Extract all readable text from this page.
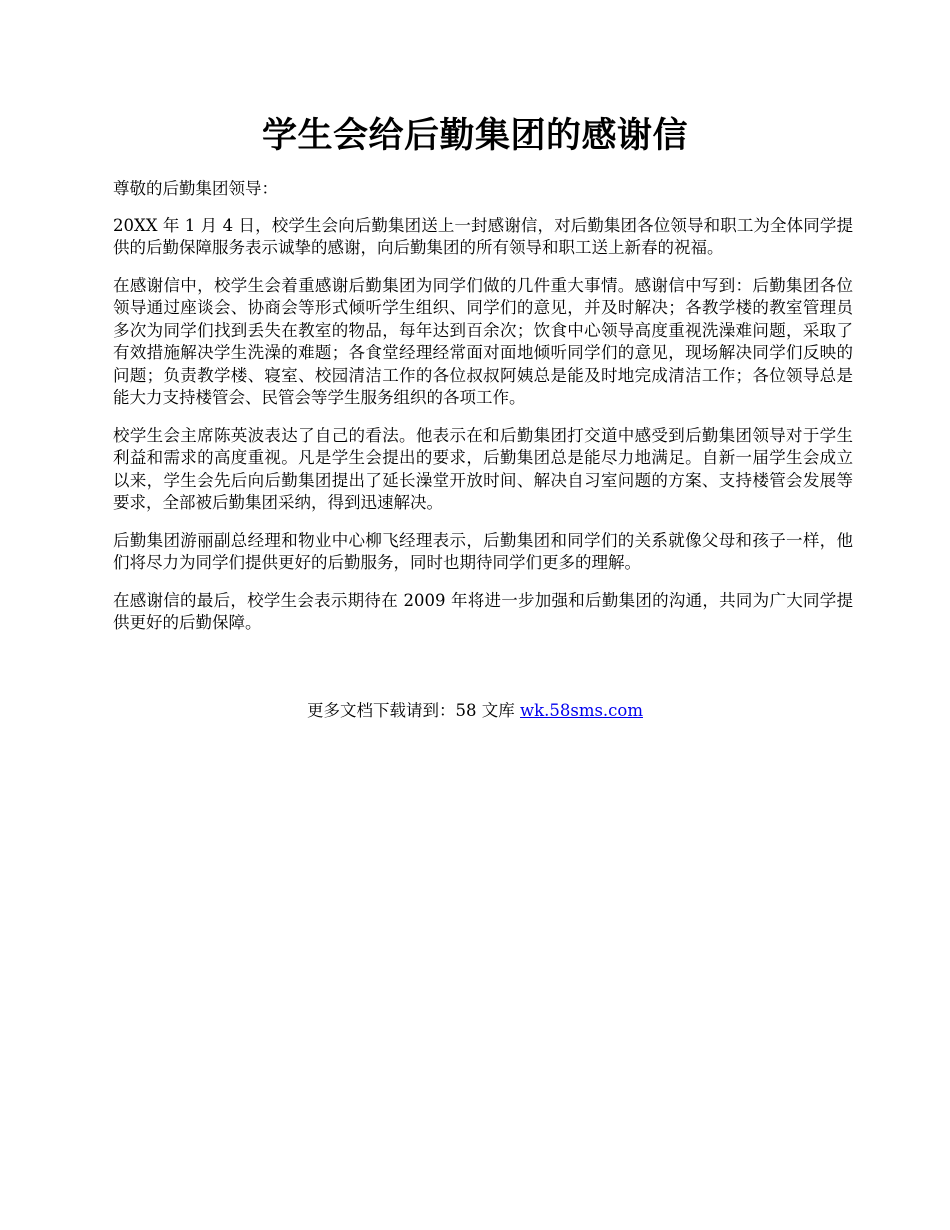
学生会给后勤集团的感谢信

尊敬的后勤集团领导：

20XX 年 1 月 4 日，校学生会向后勤集团送上一封感谢信，对后勤集团各位领导和职工为全体同学提供的后勤保障服务表示诚挚的感谢，向后勤集团的所有领导和职工送上新春的祝福。

在感谢信中，校学生会着重感谢后勤集团为同学们做的几件重大事情。感谢信中写到：后勤集团各位领导通过座谈会、协商会等形式倾听学生组织、同学们的意见，并及时解决；各教学楼的教室管理员多次为同学们找到丢失在教室的物品，每年达到百余次；饮食中心领导高度重视洗澡难问题，采取了有效措施解决学生洗澡的难题；各食堂经理经常面对面地倾听同学们的意见，现场解决同学们反映的问题；负责教学楼、寝室、校园清洁工作的各位叔叔阿姨总是能及时地完成清洁工作；各位领导总是能大力支持楼管会、民管会等学生服务组织的各项工作。

校学生会主席陈英波表达了自己的看法。他表示在和后勤集团打交道中感受到后勤集团领导对于学生利益和需求的高度重视。凡是学生会提出的要求，后勤集团总是能尽力地满足。自新一届学生会成立以来，学生会先后向后勤集团提出了延长澡堂开放时间、解决自习室问题的方案、支持楼管会发展等要求，全部被后勤集团采纳，得到迅速解决。

后勤集团游丽副总经理和物业中心柳飞经理表示，后勤集团和同学们的关系就像父母和孩子一样，他们将尽力为同学们提供更好的后勤服务，同时也期待同学们更多的理解。

在感谢信的最后，校学生会表示期待在 2009 年将进一步加强和后勤集团的沟通，共同为广大同学提供更好的后勤保障。

更多文档下载请到：58 文库 wk.58sms.com
